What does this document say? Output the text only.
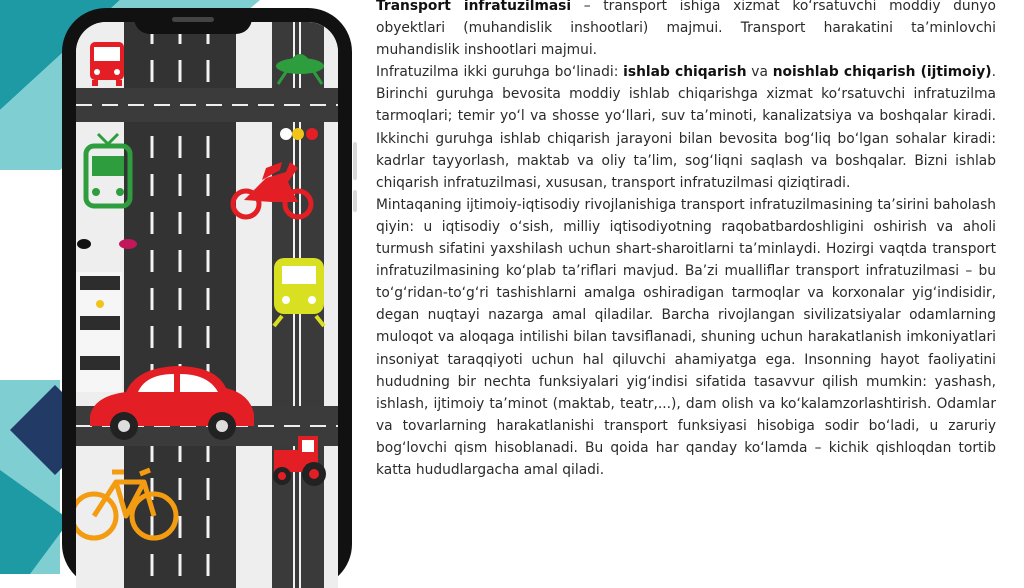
Transport infratuzilmasi – transport ishiga xizmat ko‘rsatuvchi moddiy dunyo obyektlari (muhandislik inshootlari) majmui. Transport harakatini ta’minlovchi muhandislik inshootlari majmui.

Infratuzilma ikki guruhga bo‘linadi: ishlab chiqarish va noishlab chiqarish (ijtimoiy). Birinchi guruhga bevosita moddiy ishlab chiqarishga xizmat ko‘rsatuvchi infratuzilma tarmoqlari; temir yo‘l va shosse yo‘llari, suv ta’minoti, kanalizatsiya va boshqalar kiradi. Ikkinchi guruhga ishlab chiqarish jarayoni bilan bevosita bog‘liq bo‘lgan sohalar kiradi: kadrlar tayyorlash, maktab va oliy ta’lim, sog‘liqni saqlash va boshqalar. Bizni ishlab chiqarish infratuzilmasi, xususan, transport infratuzilmasi qiziqtiradi.

Mintaqaning ijtimoiy-iqtisodiy rivojlanishiga transport infratuzilmasining ta’sirini baholash qiyin: u iqtisodiy o‘sish, milliy iqtisodiyotning raqobatbardoshligini oshirish va aholi turmush sifatini yaxshilash uchun shart-sharoitlarni ta’minlaydi. Hozirgi vaqtda transport infratuzilmasining ko‘plab ta’riflari mavjud. Ba’zi mualliflar transport infratuzilmasi – bu to‘g‘ridan-to‘g‘ri tashishlarni amalga oshiradigan tarmoqlar va korxonalar yig‘indisidir, degan nuqtayi nazarga amal qiladilar. Barcha rivojlangan sivilizatsiyalar odamlarning muloqot va aloqaga intilishi bilan tavsiflanadi, shuning uchun harakatlanish imkoniyatlari insoniyat taraqqiyoti uchun hal qiluvchi ahamiyatga ega. Insonning hayot faoliyatini hududning bir nechta funksiyalari yig‘indisi sifatida tasavvur qilish mumkin: yashash, ishlash, ijtimoiy ta’minot (maktab, teatr,...), dam olish va ko‘kalamzorlashtirish. Odamlar va tovarlarning harakatlanishi transport funksiyasi hisobiga sodir bo‘ladi, u zaruriy bog‘lovchi qism hisoblanadi. Bu qoida har qanday ko‘lamda – kichik qishloqdan tortib katta hududlargacha amal qiladi.
